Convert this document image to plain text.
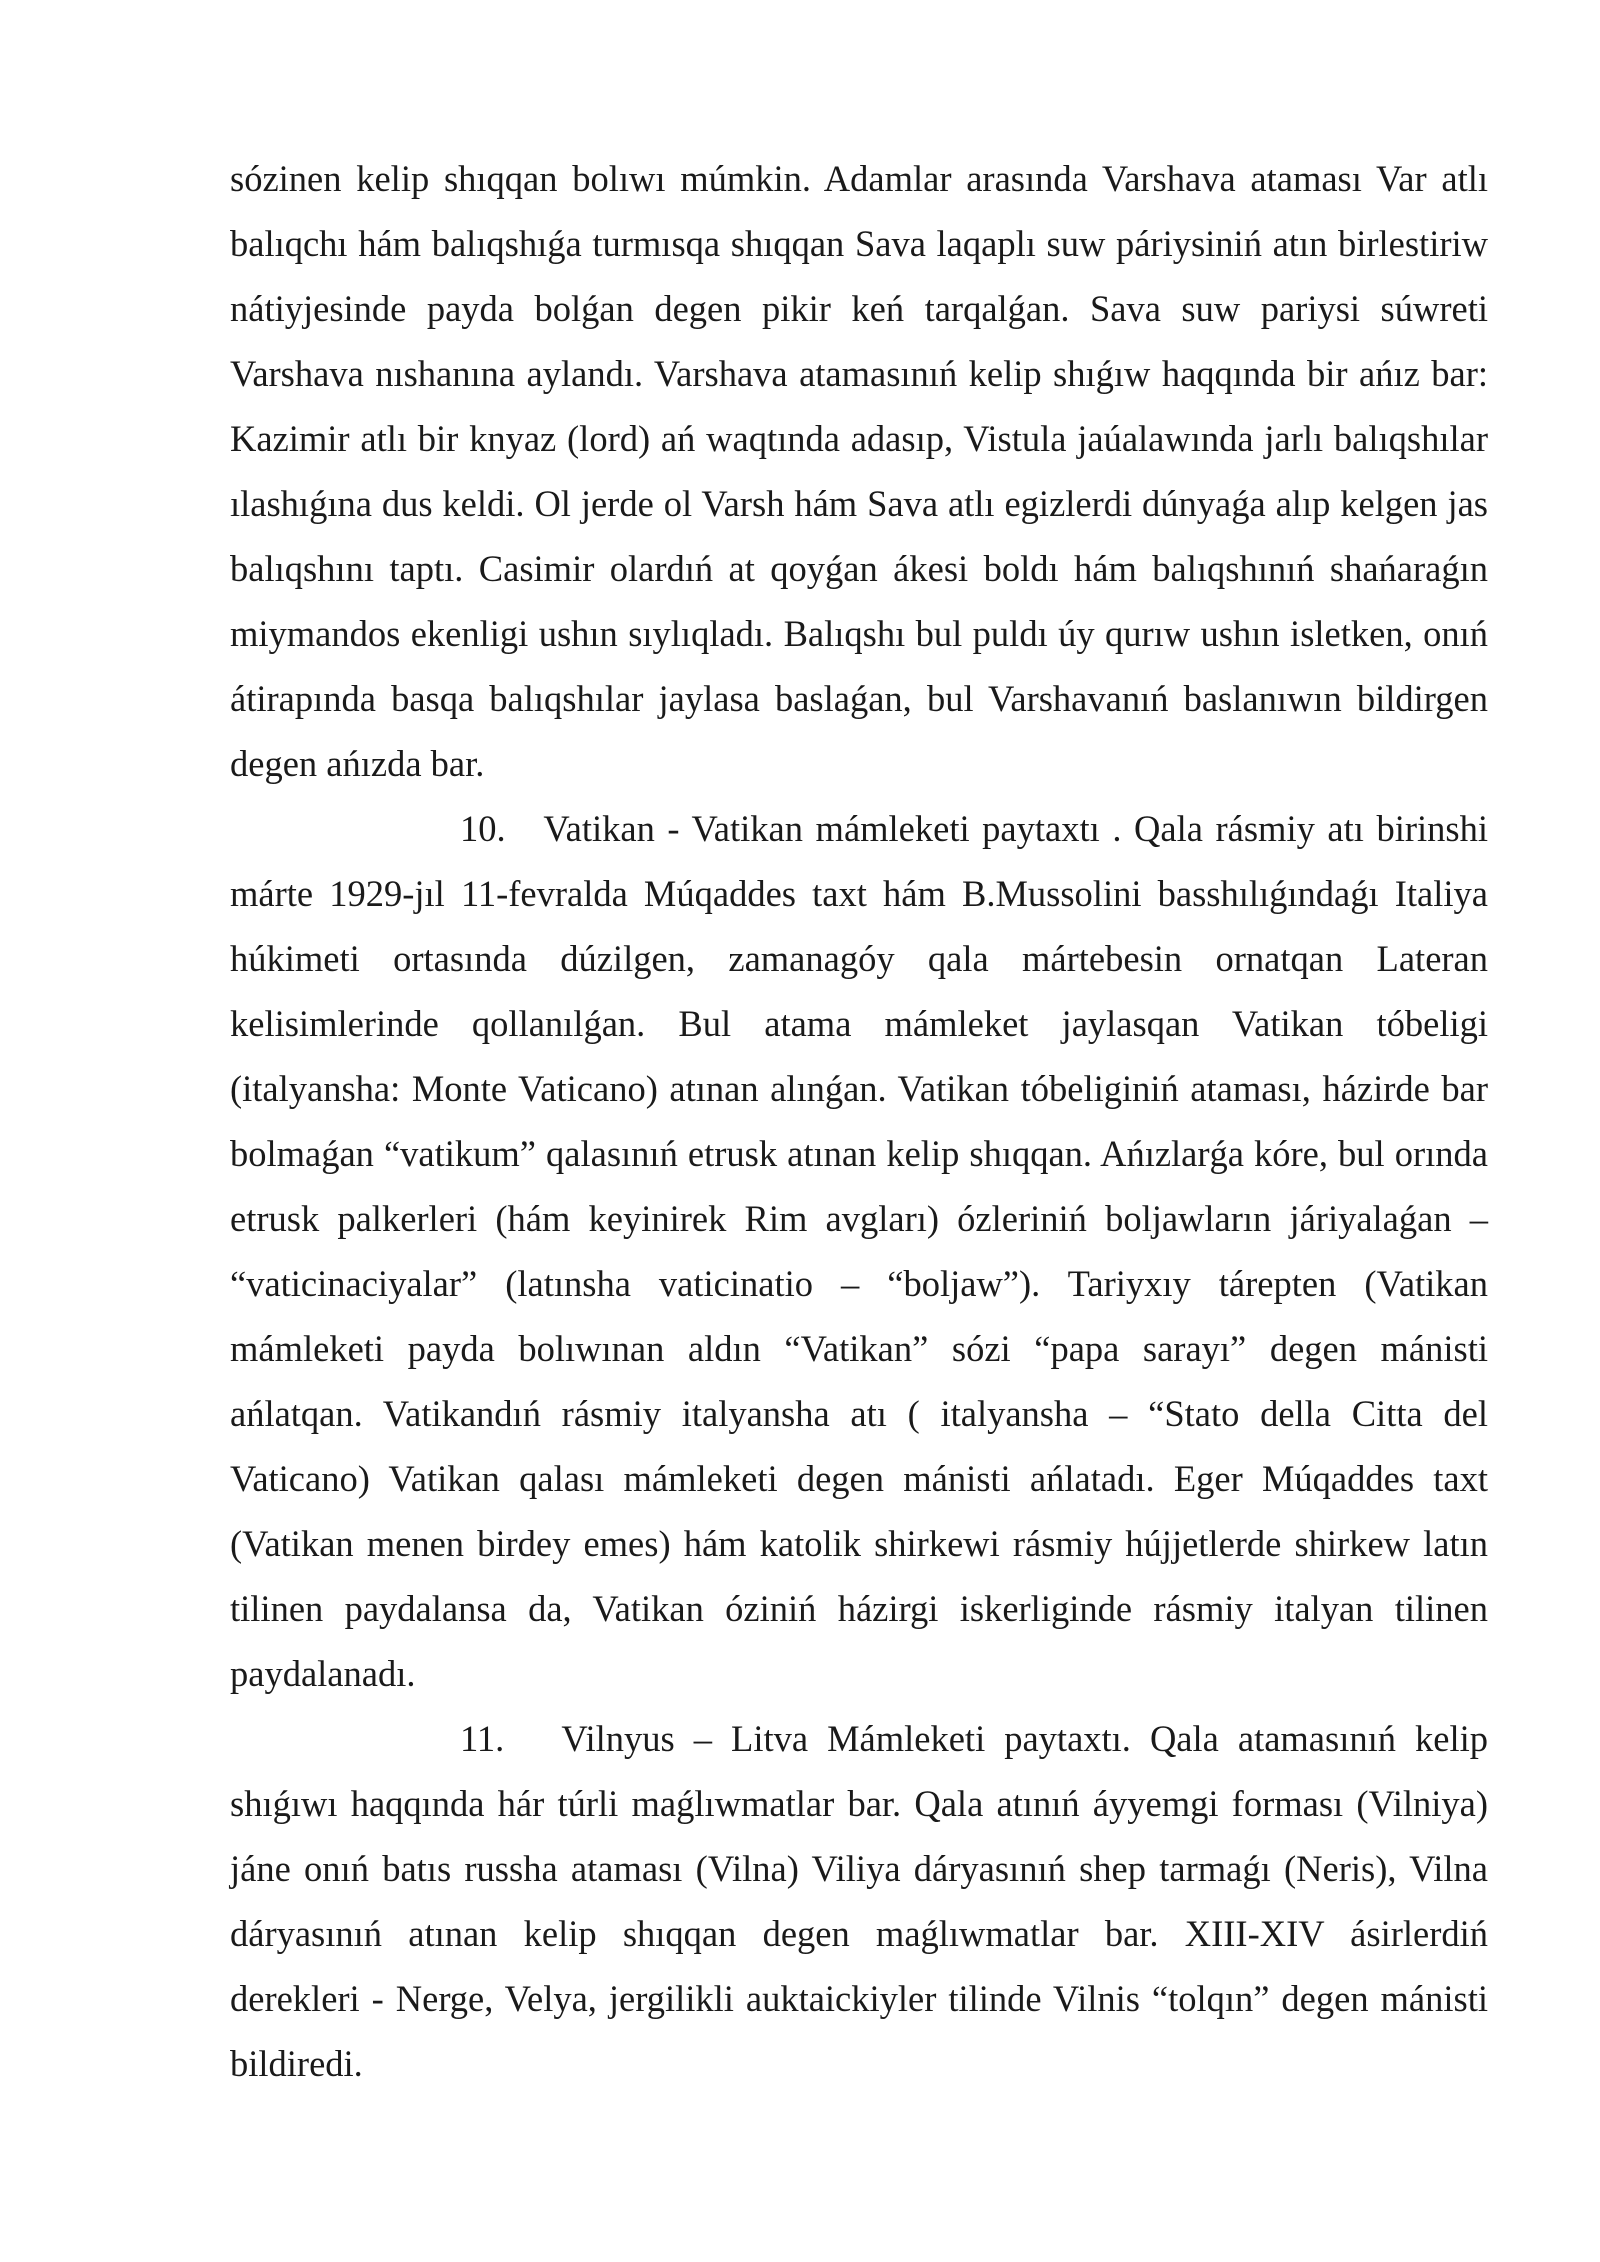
sózinen kelip shıqqan bolıwı múmkin. Adamlar arasında Varshava ataması Var atlı balıqchı hám balıqshıǵa turmısqa shıqqan Sava laqaplı suw páriysiniń atın birlestiriw nátiyjesinde payda bolǵan degen pikir keń tarqalǵan. Sava suw pariysi súwreti Varshava nıshanına aylandı. Varshava atamasınıń kelip shıǵıw haqqında bir ańız bar: Kazimir atlı bir knyaz (lord) ań waqtında adasıp, Vistula jaúalawında jarlı balıqshılar ılashıǵına dus keldi. Ol jerde ol Varsh hám Sava atlı egizlerdi dúnyaǵa alıp kelgen jas balıqshını taptı. Casimir olardıń at qoyǵan ákesi boldı hám balıqshınıń shańaraǵın miymandos ekenligi ushın sıylıqladı. Balıqshı bul puldı úy qurıw ushın isletken, onıń átirapında basqa balıqshılar jaylasa baslaǵan, bul Varshavanıń baslanıwın bildirgen degen ańızda bar.

10. Vatikan - Vatikan mámleketi paytaxtı . Qala rásmiy atı birinshi márte 1929-jıl 11-fevralda Múqaddes taxt hám B.Mussolini basshılıǵındaǵı Italiya húkimeti ortasında dúzilgen, zamanagóy qala mártebesin ornatqan Lateran kelisimlerinde qollanılǵan. Bul atama mámleket jaylasqan Vatikan tóbeligi (italyansha: Monte Vaticano) atınan alınǵan. Vatikan tóbeliginiń ataması, házirde bar bolmaǵan “vatikum” qalasınıń etrusk atınan kelip shıqqan. Ańızlarǵa kóre, bul orında etrusk palkerleri (hám keyinirek Rim avgları) ózleriniń boljawların járiyalaǵan – “vaticinaciyalar” (latınsha vaticinatio – “boljaw”). Tariyxıy tárepten (Vatikan mámleketi payda bolıwınan aldın “Vatikan” sózi “papa sarayı” degen mánisti ańlatqan. Vatikandıń rásmiy italyansha atı ( italyansha – “Stato della Citta del Vaticano) Vatikan qalası mámleketi degen mánisti ańlatadı. Eger Múqaddes taxt (Vatikan menen birdey emes) hám katolik shirkewi rásmiy hújjetlerde shirkew latın tilinen paydalansa da, Vatikan óziniń házirgi iskerliginde rásmiy italyan tilinen paydalanadı.

11. Vilnyus – Litva Mámleketi paytaxtı. Qala atamasınıń kelip shıǵıwı haqqında hár túrli maǵlıwmatlar bar. Qala atınıń áyyemgi forması (Vilniya) jáne onıń batıs russha ataması (Vilna) Viliya dáryasınıń shep tarmaǵı (Neris), Vilna dáryasınıń atınan kelip shıqqan degen maǵlıwmatlar bar. XIII-XIV ásirlerdiń derekleri - Nerge, Velya, jergilikli auktaickiyler tilinde Vilnis “tolqın” degen mánisti bildiredi.
